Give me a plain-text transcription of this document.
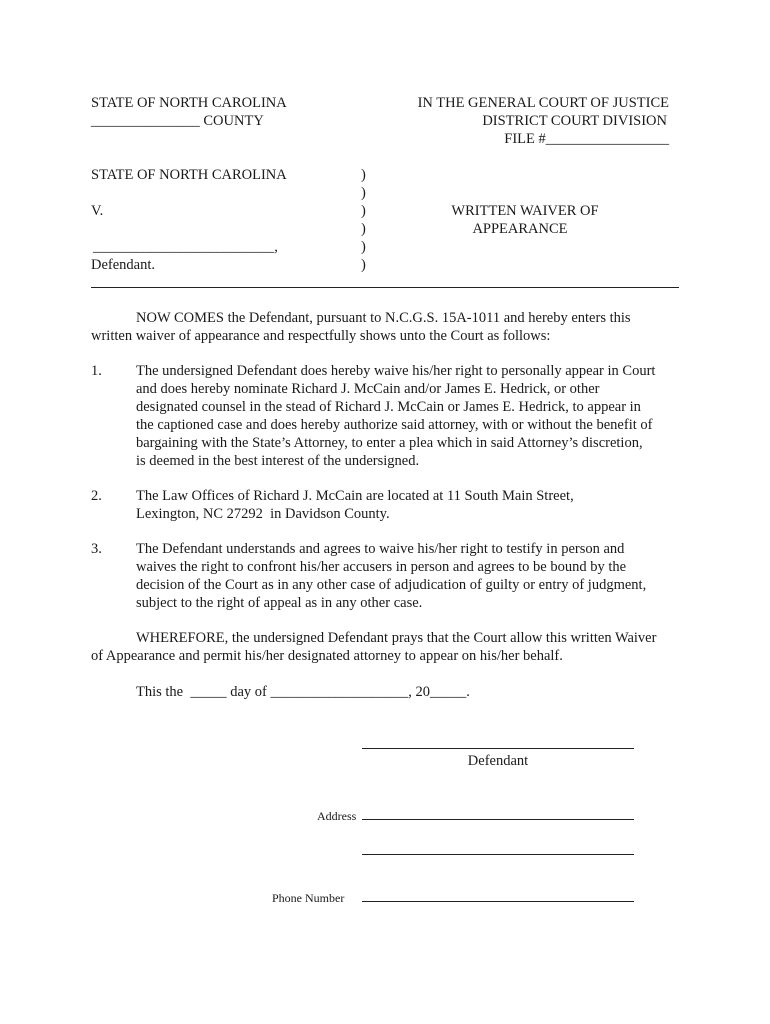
STATE OF NORTH CAROLINA
_______________ COUNTY
IN THE GENERAL COURT OF JUSTICE
DISTRICT COURT DIVISION
FILE #_________________
STATE OF NORTH CAROLINA
V.
_________________________,
Defendant.
)
)
)
)
)
)
WRITTEN WAIVER OF
APPEARANCE
NOW COMES the Defendant, pursuant to N.C.G.S. 15A-1011 and hereby enters this
written waiver of appearance and respectfully shows unto the Court as follows:
1. The undersigned Defendant does hereby waive his/her right to personally appear in Court
and does hereby nominate Richard J. McCain and/or James E. Hedrick, or other
designated counsel in the stead of Richard J. McCain or James E. Hedrick, to appear in
the captioned case and does hereby authorize said attorney, with or without the benefit of
bargaining with the State’s Attorney, to enter a plea which in said Attorney’s discretion,
is deemed in the best interest of the undersigned.
2. The Law Offices of Richard J. McCain are located at 11 South Main Street,
Lexington, NC 27292  in Davidson County.
3. The Defendant understands and agrees to waive his/her right to testify in person and
waives the right to confront his/her accusers in person and agrees to be bound by the
decision of the Court as in any other case of adjudication of guilty or entry of judgment,
subject to the right of appeal as in any other case.
WHEREFORE, the undersigned Defendant prays that the Court allow this written Waiver
of Appearance and permit his/her designated attorney to appear on his/her behalf.
This the  _____ day of ___________________, 20_____.
Defendant
Address
Phone Number
